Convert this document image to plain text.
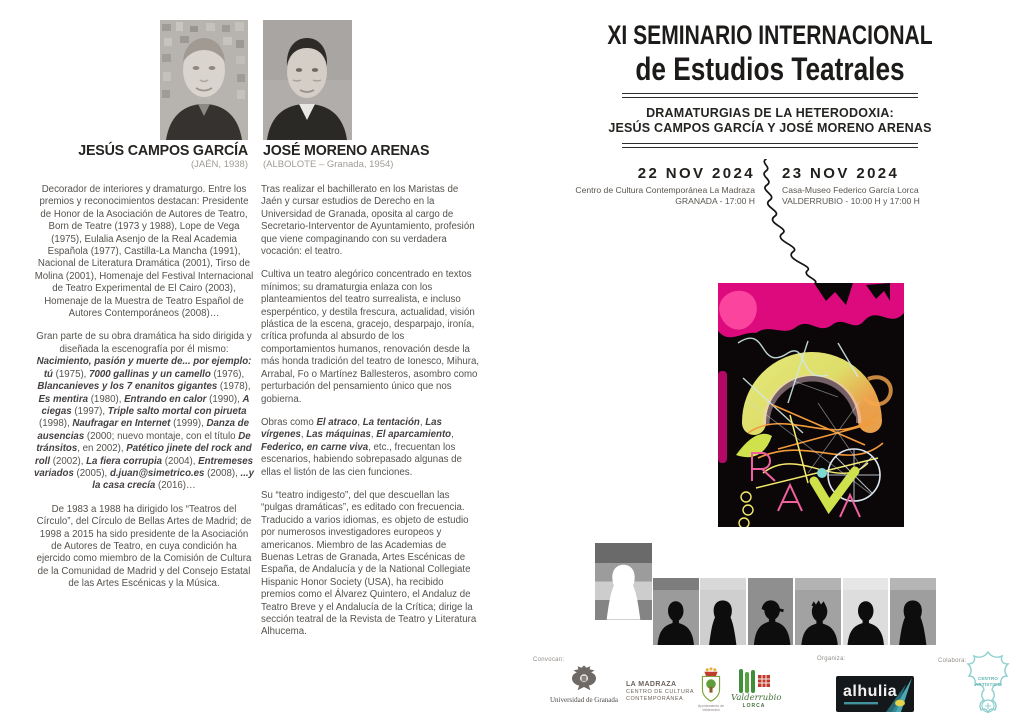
JESÚS CAMPOS GARCÍA
(JAÉN, 1938)
JOSÉ MORENO ARENAS
(ALBOLOTE – Granada, 1954)

Decorador de interiores y dramaturgo. Entre los premios y reconocimientos destacan: Presidente de Honor de la Asociación de Autores de Teatro, Born de Teatre (1973 y 1988), Lope de Vega (1975), Eulalia Asenjo de la Real Academia Española (1977), Castilla-La Mancha (1991), Nacional de Literatura Dramática (2001), Tirso de Molina (2001), Homenaje del Festival Internacional de Teatro Experimental de El Cairo (2003), Homenaje de la Muestra de Teatro Español de Autores Contemporáneos (2008)…

Gran parte de su obra dramática ha sido dirigida y diseñada la escenografía por él mismo: Nacimiento, pasión y muerte de... por ejemplo: tú (1975), 7000 gallinas y un camello (1976), Blancanieves y los 7 enanitos gigantes (1978), Es mentira (1980), Entrando en calor (1990), A ciegas (1997), Triple salto mortal con pirueta (1998), Naufragar en Internet (1999), Danza de ausencias (2000; nuevo montaje, con el título De tránsitos, en 2002), Patético jinete del rock and roll (2002), La fiera corrupia (2004), Entremeses variados (2005), d.juan@simetrico.es (2008), ...y la casa crecía (2016)…

De 1983 a 1988 ha dirigido los “Teatros del Círculo”, del Círculo de Bellas Artes de Madrid; de 1998 a 2015 ha sido presidente de la Asociación de Autores de Teatro, en cuya condición ha ejercido como miembro de la Comisión de Cultura de la Comunidad de Madrid y del Consejo Estatal de las Artes Escénicas y la Música.

Tras realizar el bachillerato en los Maristas de Jaén y cursar estudios de Derecho en la Universidad de Granada, oposita al cargo de Secretario-Interventor de Ayuntamiento, profesión que viene compaginando con su verdadera vocación: el teatro.

Cultiva un teatro alegórico concentrado en textos mínimos; su dramaturgia enlaza con los planteamientos del teatro surrealista, e incluso esperpéntico, y destila frescura, actualidad, visión plástica de la escena, gracejo, desparpajo, ironía, crítica profunda al absurdo de los comportamientos humanos, renovación desde la más honda tradición del teatro de Ionesco, Mihura, Arrabal, Fo o Martínez Ballesteros, asombro como perturbación del pensamiento único que nos gobierna.

Obras como El atraco, La tentación, Las vírgenes, Las máquinas, El aparcamiento, Federico, en carne viva, etc., frecuentan los escenarios, habiendo sobrepasado algunas de ellas el listón de las cien funciones.

Su “teatro indigesto”, del que descuellan las “pulgas dramáticas”, es editado con frecuencia. Traducido a varios idiomas, es objeto de estudio por numerosos investigadores europeos y americanos. Miembro de las Academias de Buenas Letras de Granada, Artes Escénicas de España, de Andalucía y de la National Collegiate Hispanic Honor Society (USA), ha recibido premios como el Álvarez Quintero, el Andaluz de Teatro Breve y el Andalucía de la Crítica; dirige la sección teatral de la Revista de Teatro y Literatura Alhucema.

XI SEMINARIO INTERNACIONAL
de Estudios Teatrales
DRAMATURGIAS DE LA HETERODOXIA:
JESÚS CAMPOS GARCÍA Y JOSÉ MORENO ARENAS
22 NOV 2024
Centro de Cultura Contemporánea La Madraza
GRANADA - 17:00 H
23 NOV 2024
Casa-Museo Federico García Lorca
VALDERRUBIO - 10:00 H y 17:00 H
Convocan:	Organiza:	Colabora:
Universidad de Granada
LA MADRAZA
CENTRO DE CULTURA
CONTEMPORÁNEA
Ayuntamiento de Valderrubio
Valderrubio
LORCA
alhulia
CENTRO
ARTÍSTICO
